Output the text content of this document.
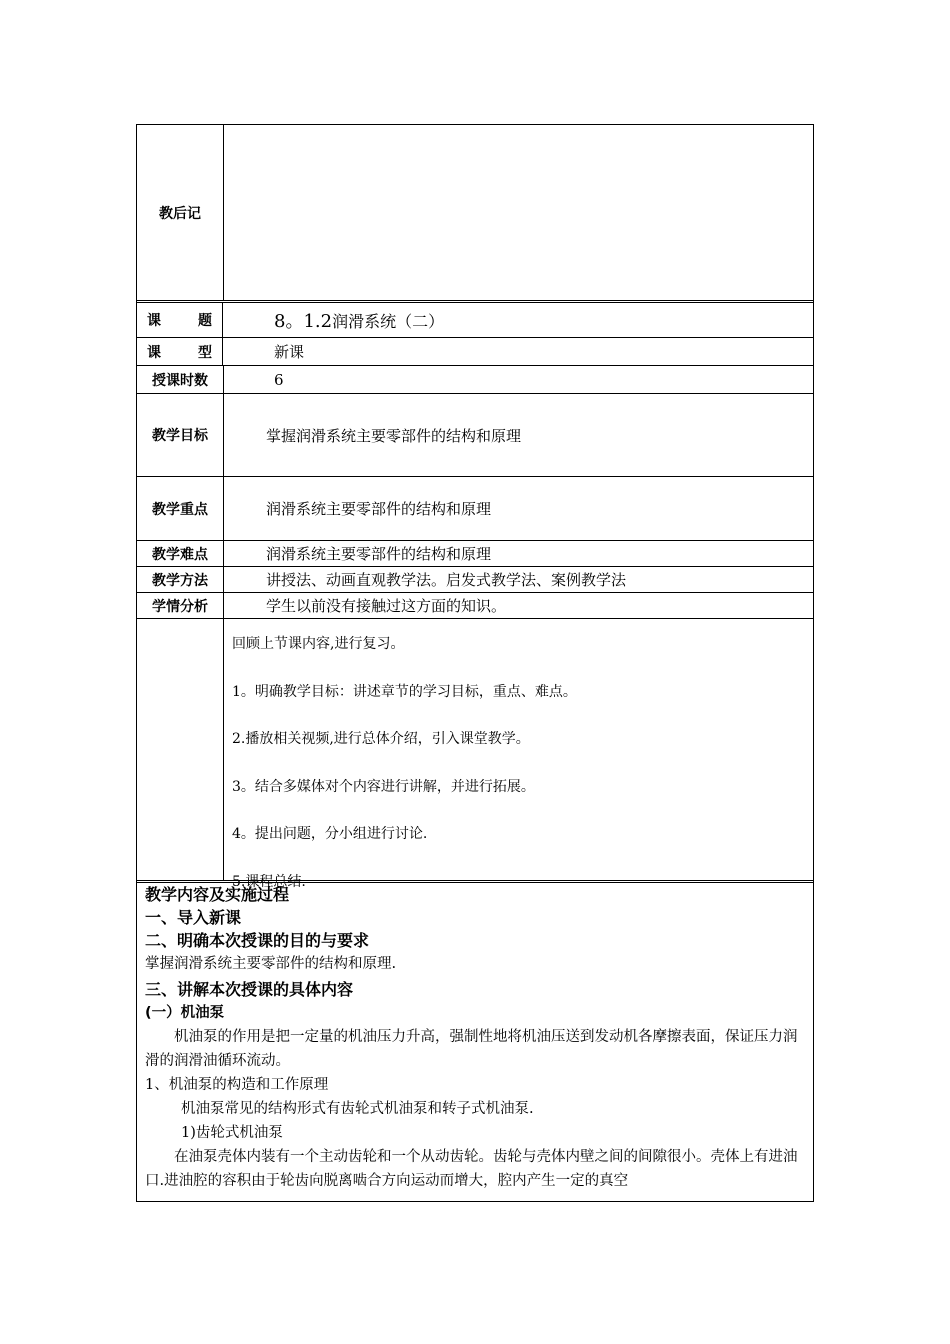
教后记
课	题	8。1.2 润滑系统（二）
课	型	新课
授课时数	6
教学目标	掌握润滑系统主要零部件的结构和原理
教学重点	润滑系统主要零部件的结构和原理
教学难点	润滑系统主要零部件的结构和原理
教学方法	讲授法、动画直观教学法。启发式教学法、案例教学法
学情分析	学生以前没有接触过这方面的知识。
回顾上节课内容,进行复习。
1。明确教学目标：讲述章节的学习目标，重点、难点。
2.播放相关视频,进行总体介绍，引入课堂教学。
3。结合多媒体对个内容进行讲解，并进行拓展。
4。提出问题，分小组进行讨论.
5.课程总结.
教学内容及实施过程
一、导入新课
二、明确本次授课的目的与要求
掌握润滑系统主要零部件的结构和原理.
三、讲解本次授课的具体内容
(一）机油泵
机油泵的作用是把一定量的机油压力升高，强制性地将机油压送到发动机各摩擦表面，保证压力润滑的润滑油循环流动。
1、机油泵的构造和工作原理
机油泵常见的结构形式有齿轮式机油泵和转子式机油泵.
1)齿轮式机油泵
在油泵壳体内装有一个主动齿轮和一个从动齿轮。齿轮与壳体内壁之间的间隙很小。壳体上有进油口.进油腔的容积由于轮齿向脱离啮合方向运动而增大，腔内产生一定的真空
